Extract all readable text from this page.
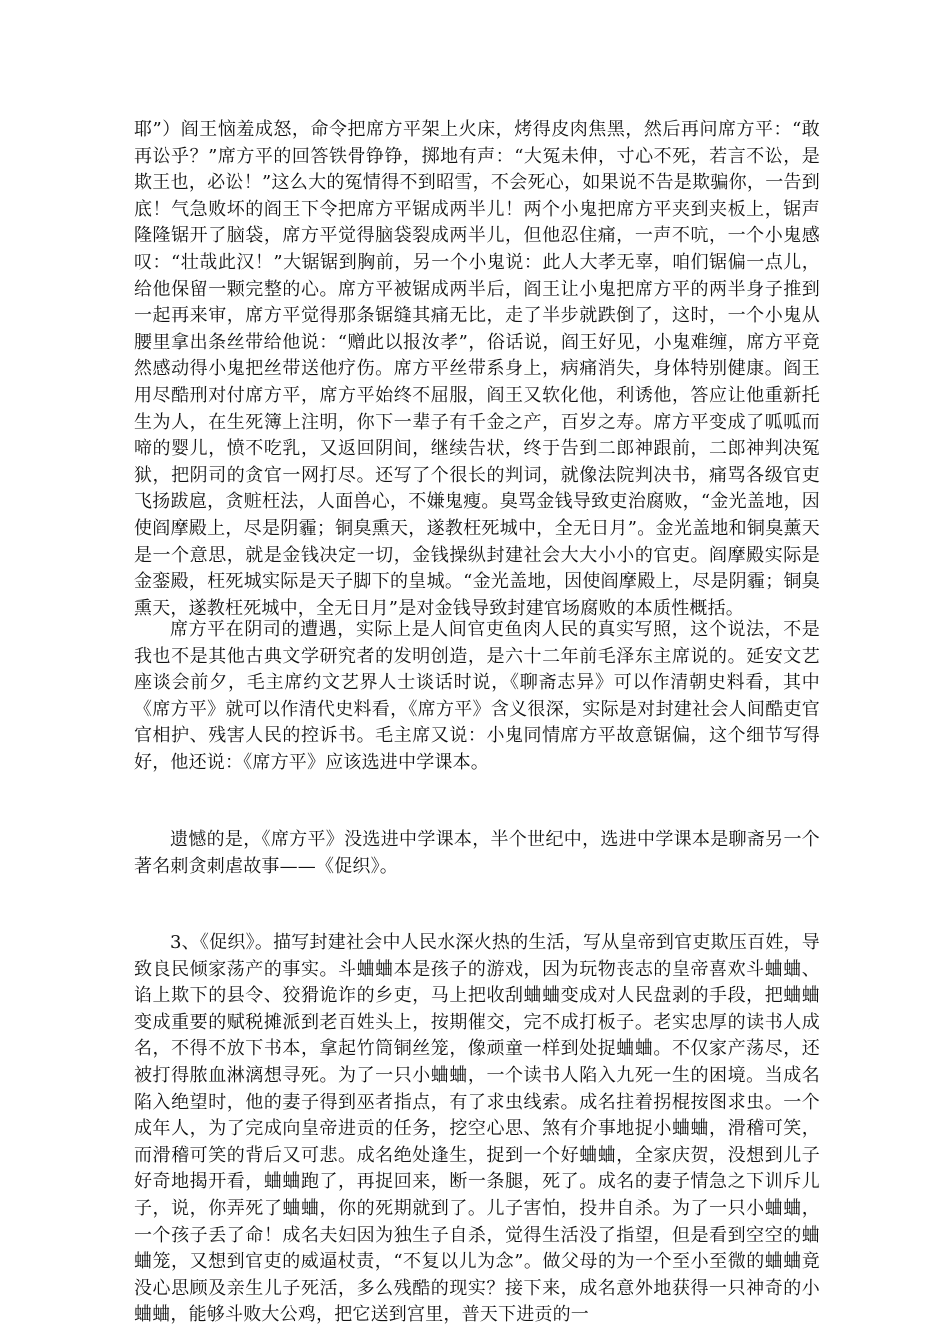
耶”）阎王恼羞成怒，命令把席方平架上火床，烤得皮肉焦黑，然后再问席方平：“敢再讼乎？”席方平的回答铁骨铮铮，掷地有声：“大冤未伸，寸心不死，若言不讼，是欺王也，必讼！”这么大的冤情得不到昭雪，不会死心，如果说不告是欺骗你，一告到底！气急败坏的阎王下令把席方平锯成两半儿！两个小鬼把席方平夹到夹板上，锯声隆隆锯开了脑袋，席方平觉得脑袋裂成两半儿，但他忍住痛，一声不吭，一个小鬼感叹：“壮哉此汉！”大锯锯到胸前，另一个小鬼说：此人大孝无辜，咱们锯偏一点儿，给他保留一颗完整的心。席方平被锯成两半后，阎王让小鬼把席方平的两半身子推到一起再来审，席方平觉得那条锯缝其痛无比，走了半步就跌倒了，这时，一个小鬼从腰里拿出条丝带给他说：“赠此以报汝孝”，俗话说，阎王好见，小鬼难缠，席方平竟然感动得小鬼把丝带送他疗伤。席方平丝带系身上，病痛消失，身体特别健康。阎王用尽酷刑对付席方平，席方平始终不屈服，阎王又软化他，利诱他，答应让他重新托生为人，在生死簿上注明，你下一辈子有千金之产，百岁之寿。席方平变成了呱呱而啼的婴儿，愤不吃乳，又返回阴间，继续告状，终于告到二郎神跟前，二郎神判决冤狱，把阴司的贪官一网打尽。还写了个很长的判词，就像法院判决书，痛骂各级官吏飞扬跋扈，贪赃枉法，人面兽心，不嫌鬼瘦。臭骂金钱导致吏治腐败，“金光盖地，因使阎摩殿上，尽是阴霾；铜臭熏天，遂教枉死城中，全无日月”。金光盖地和铜臭薰天是一个意思，就是金钱决定一切，金钱操纵封建社会大大小小的官吏。阎摩殿实际是金銮殿，枉死城实际是天子脚下的皇城。“金光盖地，因使阎摩殿上，尽是阴霾；铜臭熏天，遂教枉死城中，全无日月”是对金钱导致封建官场腐败的本质性概括。
席方平在阴司的遭遇，实际上是人间官吏鱼肉人民的真实写照，这个说法，不是我也不是其他古典文学研究者的发明创造，是六十二年前毛泽东主席说的。延安文艺座谈会前夕，毛主席约文艺界人士谈话时说，《聊斋志异》可以作清朝史料看，其中《席方平》就可以作清代史料看，《席方平》含义很深，实际是对封建社会人间酷吏官官相护、残害人民的控诉书。毛主席又说：小鬼同情席方平故意锯偏，这个细节写得好，他还说：《席方平》应该选进中学课本。
遗憾的是，《席方平》没选进中学课本，半个世纪中，选进中学课本是聊斋另一个著名刺贪刺虐故事——《促织》。
3、《促织》。描写封建社会中人民水深火热的生活，写从皇帝到官吏欺压百姓，导致良民倾家荡产的事实。斗蛐蛐本是孩子的游戏，因为玩物丧志的皇帝喜欢斗蛐蛐、谄上欺下的县令、狡猾诡诈的乡吏，马上把收刮蛐蛐变成对人民盘剥的手段，把蛐蛐变成重要的赋税摊派到老百姓头上，按期催交，完不成打板子。老实忠厚的读书人成名，不得不放下书本，拿起竹筒铜丝笼，像顽童一样到处捉蛐蛐。不仅家产荡尽，还被打得脓血淋漓想寻死。为了一只小蛐蛐，一个读书人陷入九死一生的困境。当成名陷入绝望时，他的妻子得到巫者指点，有了求虫线索。成名拄着拐棍按图求虫。一个成年人，为了完成向皇帝进贡的任务，挖空心思、煞有介事地捉小蛐蛐，滑稽可笑，而滑稽可笑的背后又可悲。成名绝处逢生，捉到一个好蛐蛐，全家庆贺，没想到儿子好奇地揭开看，蛐蛐跑了，再捉回来，断一条腿，死了。成名的妻子情急之下训斥儿子，说，你弄死了蛐蛐，你的死期就到了。儿子害怕，投井自杀。为了一只小蛐蛐，一个孩子丢了命！成名夫妇因为独生子自杀，觉得生活没了指望，但是看到空空的蛐蛐笼，又想到官吏的威逼杖责，“不复以儿为念”。做父母的为一个至小至微的蛐蛐竟没心思顾及亲生儿子死活，多么残酷的现实？接下来，成名意外地获得一只神奇的小蛐蛐，能够斗败大公鸡，把它送到宫里，普天下进贡的一
